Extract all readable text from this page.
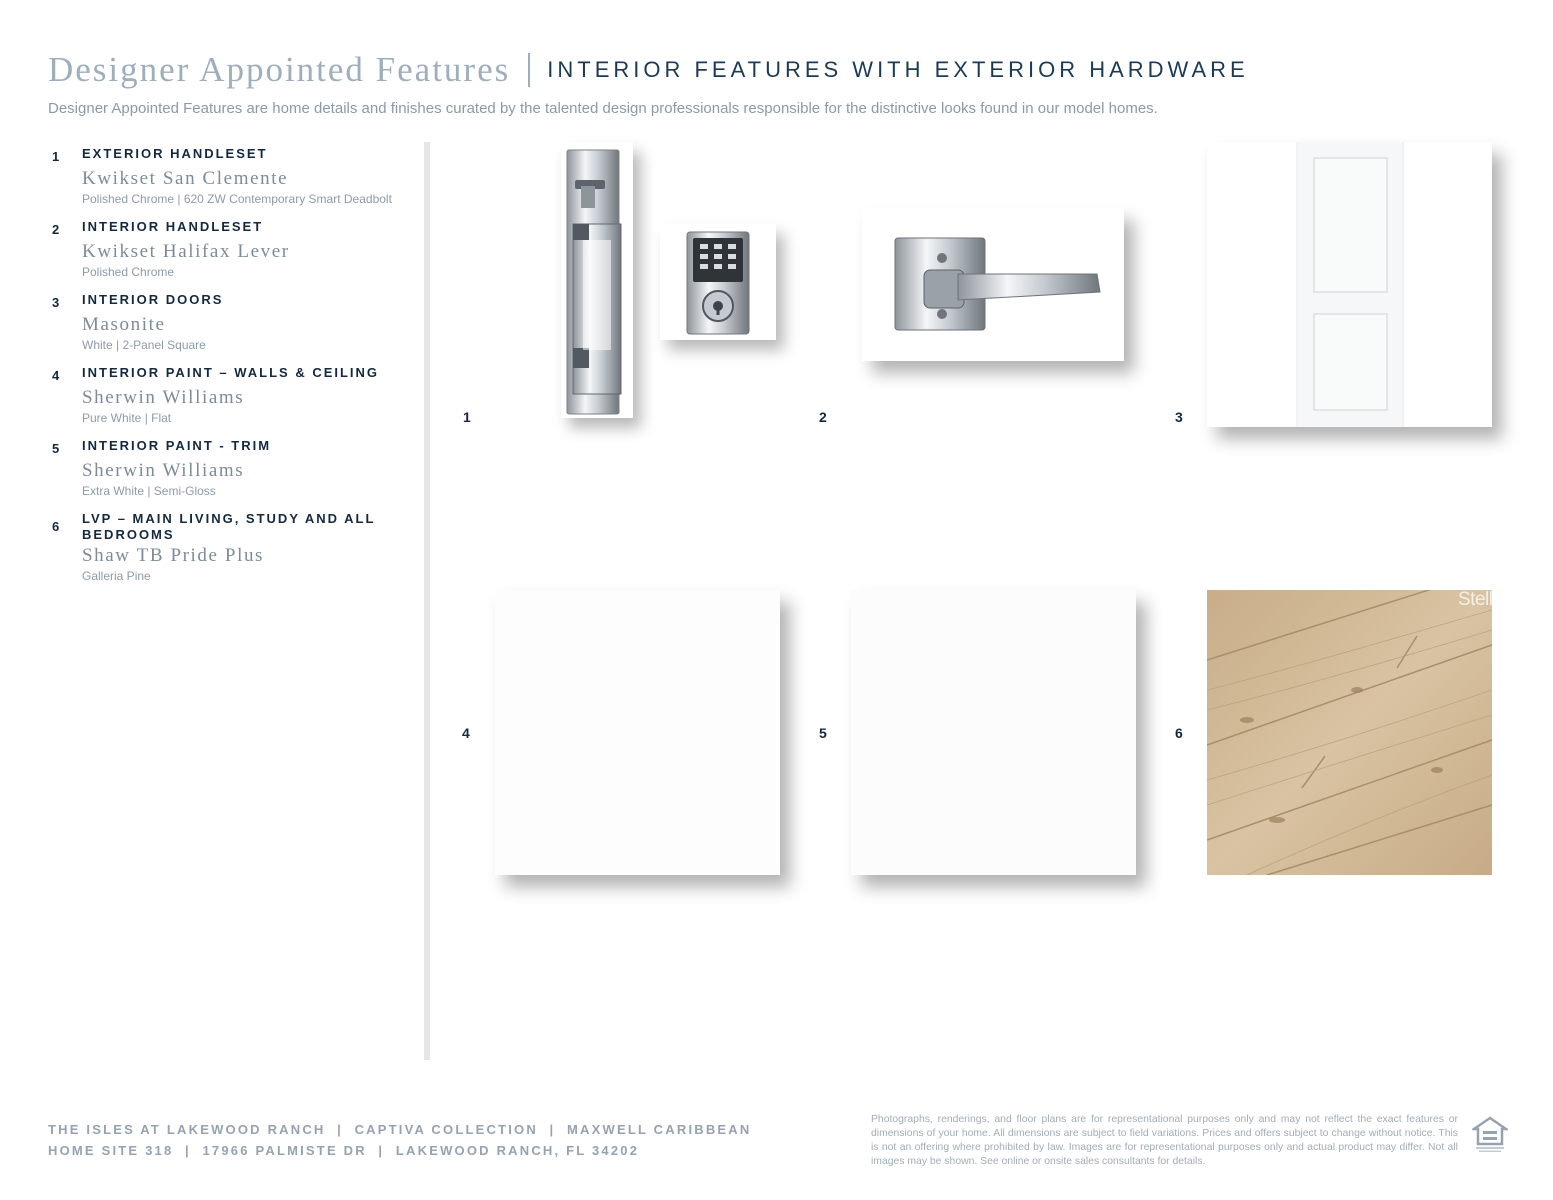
Designer Appointed Features INTERIOR FEATURES WITH EXTERIOR HARDWARE
Designer Appointed Features are home details and finishes curated by the talented design professionals responsible for the distinctive looks found in our model homes.
1	EXTERIOR HANDLESET
Kwikset San Clemente
Polished Chrome | 620 ZW Contemporary Smart Deadbolt
2	INTERIOR HANDLESET
Kwikset Halifax Lever
Polished Chrome
3	INTERIOR DOORS
Masonite
White | 2-Panel Square
4	INTERIOR PAINT – WALLS & CEILING
Sherwin Williams
Pure White | Flat
5	INTERIOR PAINT - TRIM
Sherwin Williams
Extra White | Semi-Gloss
6
LVP – MAIN LIVING, STUDY AND ALL BEDROOMS
Shaw TB Pride Plus
Galleria Pine
1	2	3
4	5	6
StellarMLS
THE ISLES AT LAKEWOOD RANCH  |  CAPTIVA COLLECTION  |  MAXWELL CARIBBEAN
HOME SITE 318  |  17966 PALMISTE DR  |  LAKEWOOD RANCH, FL 34202
Photographs, renderings, and floor plans are for representational purposes only and may not reflect the exact features or dimensions of your home. All dimensions are subject to field variations. Prices and offers subject to change without notice. This is not an offering where prohibited by law. Images are for representational purposes only and actual product may differ. Not all images may be shown. See online or onsite sales consultants for details.
